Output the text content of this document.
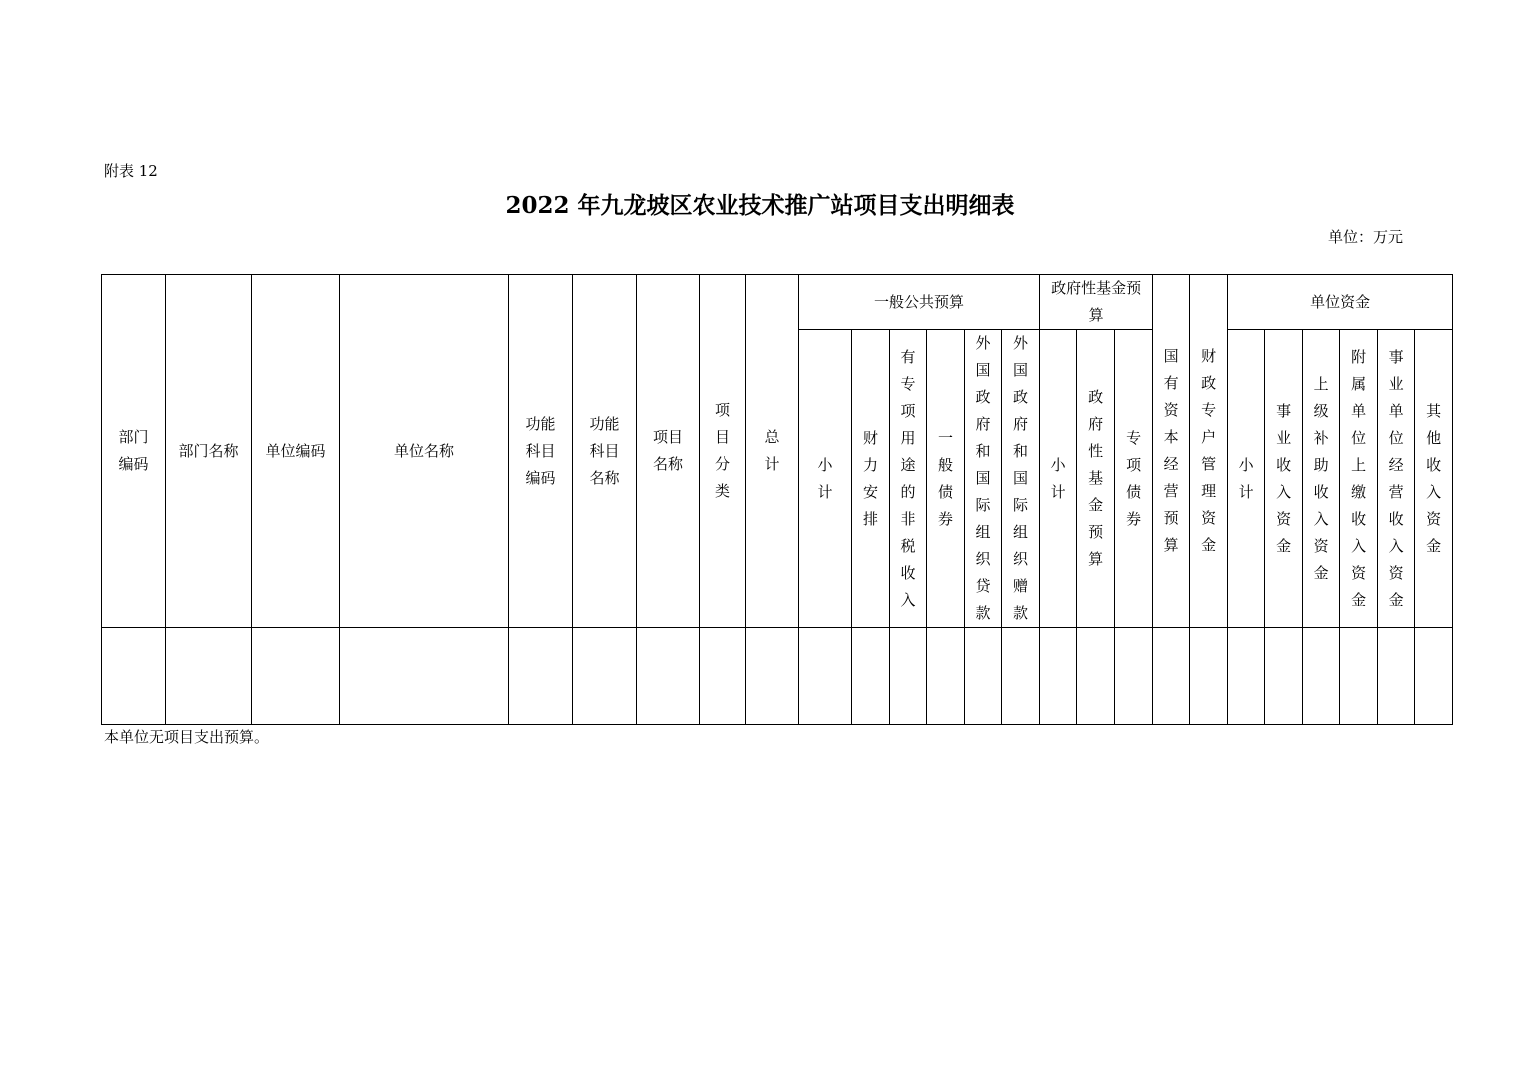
附表 12
2022 年九龙坡区农业技术推广站项目支出明细表
单位：万元
部门编码	部门名称	单位编码	单位名称	功能科目编码	功能科目名称	项目名称	项目分类	总计	一般公共预算						政府性基金预算			国有资本经营预算	财政专户管理资金	单位资金					
									小计	财力安排	有专项用途的非税收入	一般债券	外国政府和国际组织贷款	外国政府和国际组织赠款	小计	政府性基金预算	专项债券			小计	事业收入资金	上级补助收入资金	附属单位上缴收入资金	事业单位经营收入资金	其他收入资金

本单位无项目支出预算。
